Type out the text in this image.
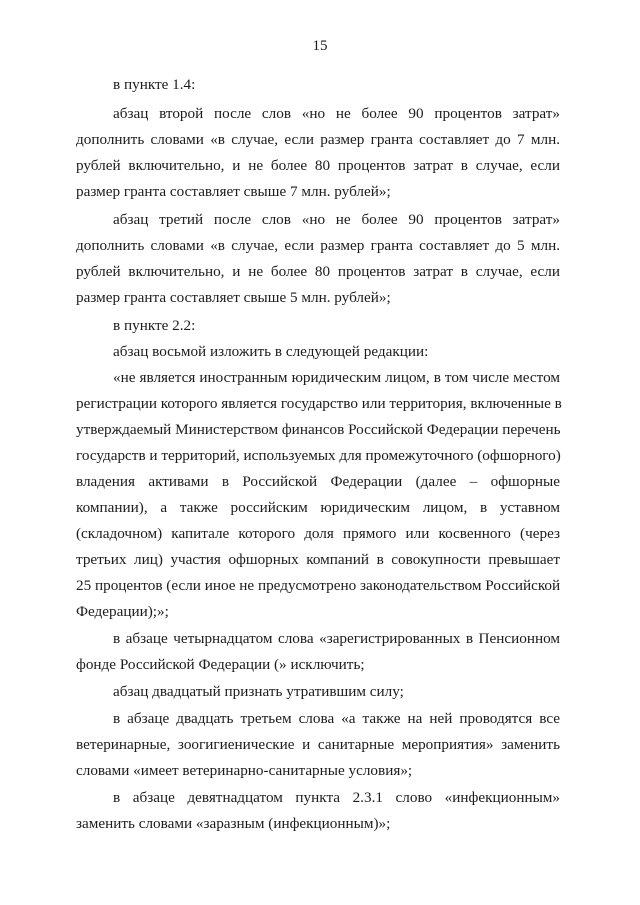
15
в пункте 1.4:
абзац второй после слов «но не более 90 процентов затрат»
дополнить словами «в случае, если размер гранта составляет до 7 млн.
рублей включительно, и не более 80 процентов затрат в случае, если
размер гранта составляет свыше 7 млн. рублей»;
абзац третий после слов «но не более 90 процентов затрат»
дополнить словами «в случае, если размер гранта составляет до 5 млн.
рублей включительно, и не более 80 процентов затрат в случае, если
размер гранта составляет свыше 5 млн. рублей»;
в пункте 2.2:
абзац восьмой изложить в следующей редакции:
«не является иностранным юридическим лицом, в том числе местом
регистрации которого является государство или территория, включенные в
утверждаемый Министерством финансов Российской Федерации перечень
государств и территорий, используемых для промежуточного (офшорного)
владения активами в Российской Федерации (далее – офшорные
компании), а также российским юридическим лицом, в уставном
(складочном) капитале которого доля прямого или косвенного (через
третьих лиц) участия офшорных компаний в совокупности превышает
25 процентов (если иное не предусмотрено законодательством Российской
Федерации);»;
в абзаце четырнадцатом слова «зарегистрированных в Пенсионном
фонде Российской Федерации (» исключить;
абзац двадцатый признать утратившим силу;
в абзаце двадцать третьем слова «а также на ней проводятся все
ветеринарные, зоогигиенические и санитарные мероприятия» заменить
словами «имеет ветеринарно-санитарные условия»;
в абзаце девятнадцатом пункта 2.3.1 слово «инфекционным»
заменить словами «заразным (инфекционным)»;
